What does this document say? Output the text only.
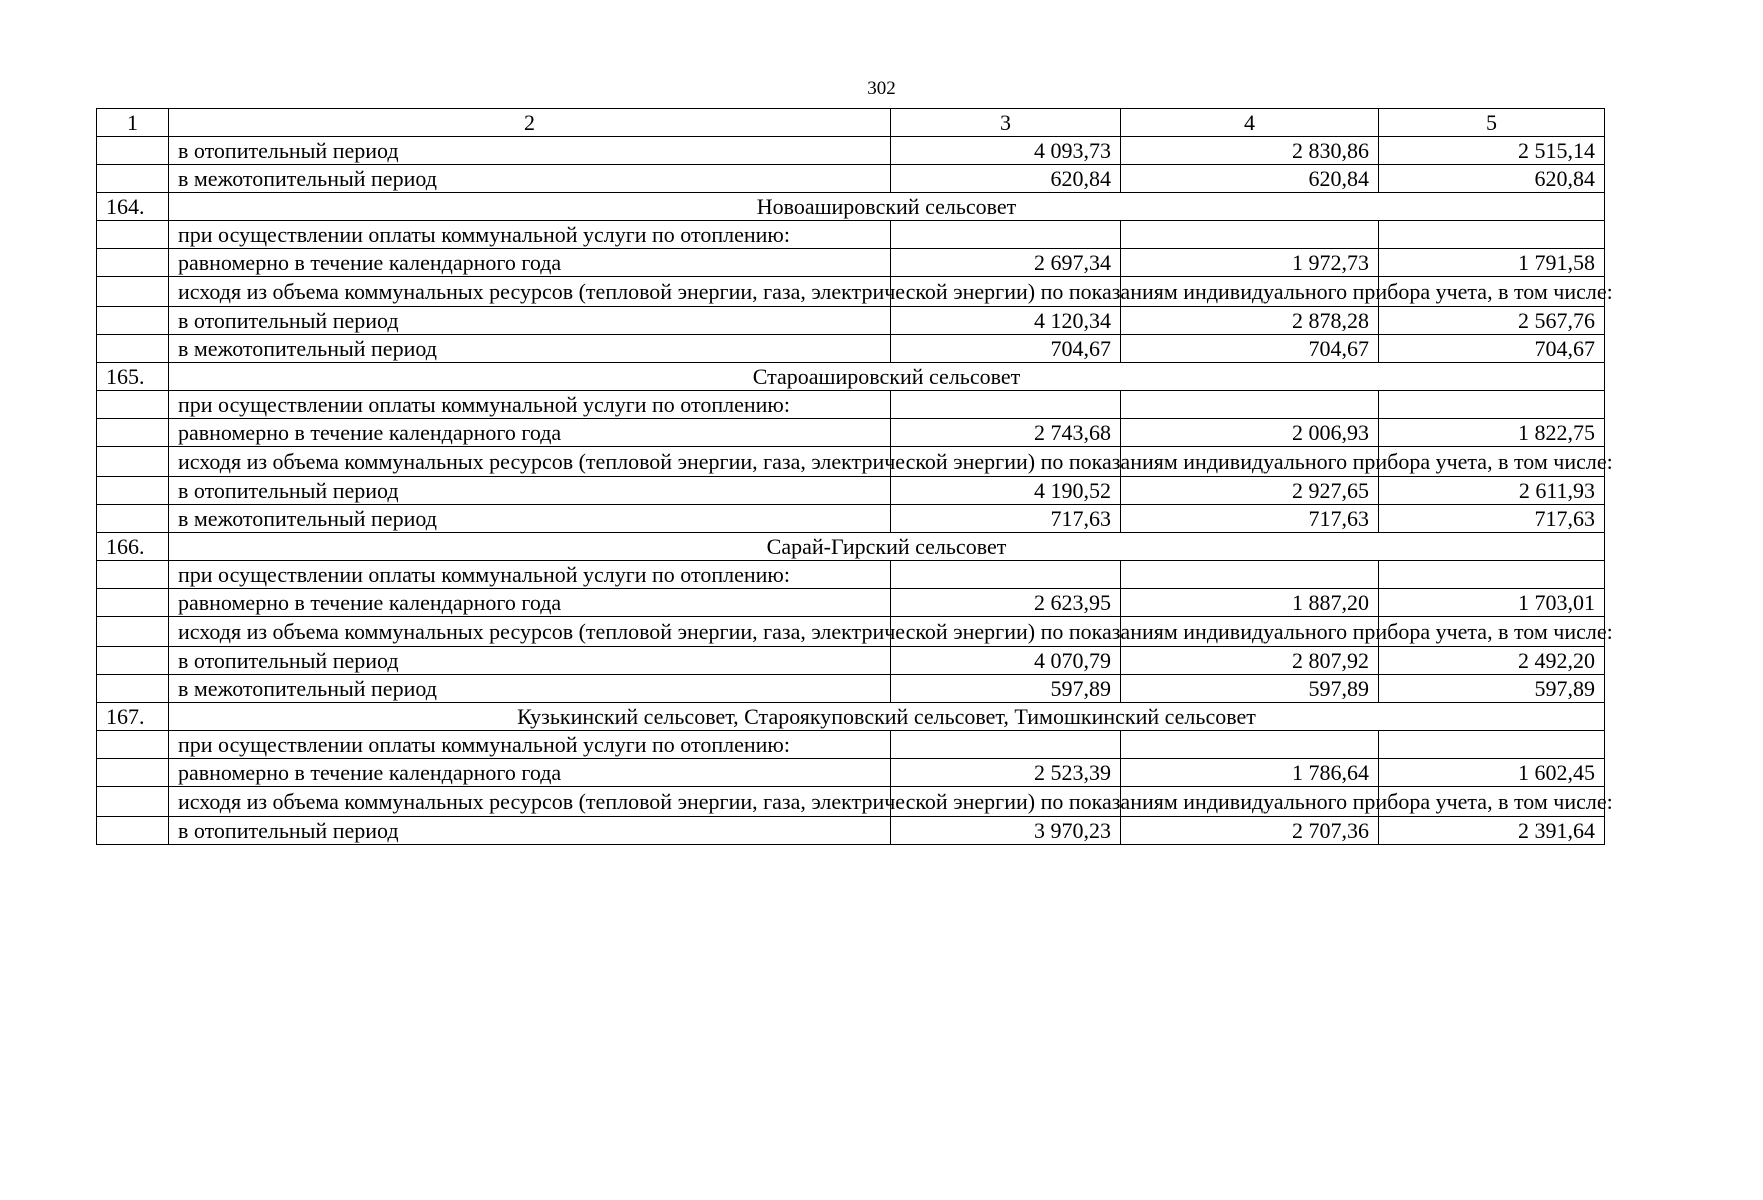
302
1	2	3	4	5
	в отопительный период	4 093,73	2 830,86	2 515,14
	в межотопительный период	620,84	620,84	620,84
164.	Новоашировский сельсовет			
	при осуществлении оплаты коммунальной услуги по отоплению:			
	равномерно в течение календарного года	2 697,34	1 972,73	1 791,58
	исходя из объема коммунальных ресурсов (тепловой энергии, газа, электрической энергии) по показаниям индивидуального прибора учета, в том числе:			
	в отопительный период	4 120,34	2 878,28	2 567,76
	в межотопительный период	704,67	704,67	704,67
165.	Староашировский сельсовет			
	при осуществлении оплаты коммунальной услуги по отоплению:			
	равномерно в течение календарного года	2 743,68	2 006,93	1 822,75
	исходя из объема коммунальных ресурсов (тепловой энергии, газа, электрической энергии) по показаниям индивидуального прибора учета, в том числе:			
	в отопительный период	4 190,52	2 927,65	2 611,93
	в межотопительный период	717,63	717,63	717,63
166.	Сарай-Гирский сельсовет			
	при осуществлении оплаты коммунальной услуги по отоплению:			
	равномерно в течение календарного года	2 623,95	1 887,20	1 703,01
	исходя из объема коммунальных ресурсов (тепловой энергии, газа, электрической энергии) по показаниям индивидуального прибора учета, в том числе:			
	в отопительный период	4 070,79	2 807,92	2 492,20
	в межотопительный период	597,89	597,89	597,89
167.	Кузькинский сельсовет, Староякуповский сельсовет, Тимошкинский сельсовет			
	при осуществлении оплаты коммунальной услуги по отоплению:			
	равномерно в течение календарного года	2 523,39	1 786,64	1 602,45
	исходя из объема коммунальных ресурсов (тепловой энергии, газа, электрической энергии) по показаниям индивидуального прибора учета, в том числе:			
	в отопительный период	3 970,23	2 707,36	2 391,64
